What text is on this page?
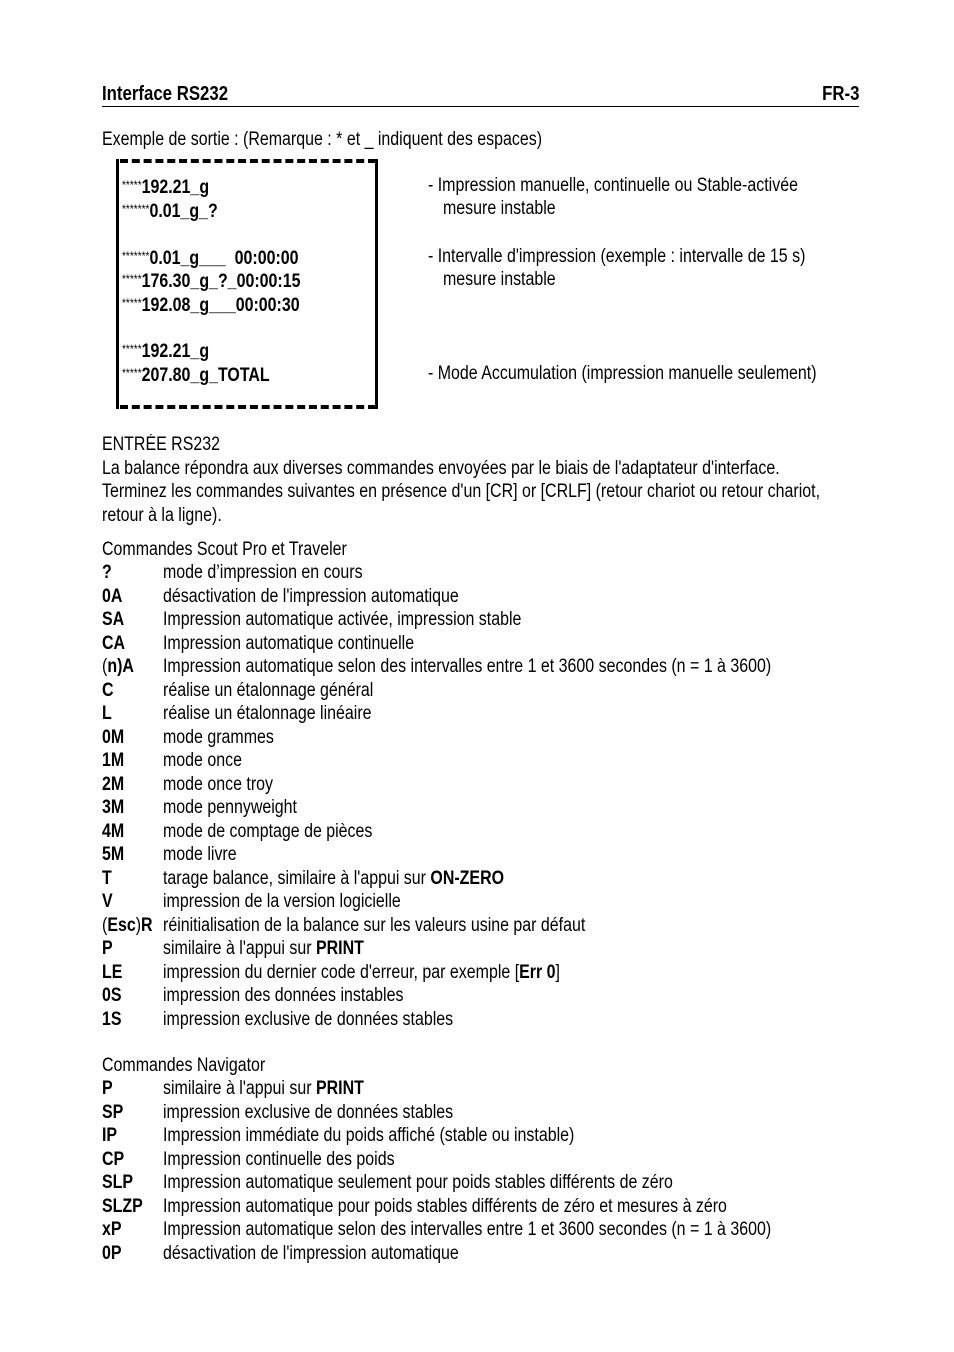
Interface RS232	FR-3
Exemple de sortie : (Remarque : * et _ indiquent des espaces)
*****192.21_g
*******0.01_g_?
*******0.01_g___  00:00:00
*****176.30_g_?_00:00:15
*****192.08_g___00:00:30
*****192.21_g
*****207.80_g_TOTAL
- Impression manuelle, continuelle ou Stable-activée
mesure instable
- Intervalle d'impression (exemple : intervalle de 15 s)
mesure instable
- Mode Accumulation (impression manuelle seulement)
ENTRÉE RS232
La balance répondra aux diverses commandes envoyées par le biais de l'adaptateur d'interface.
Terminez les commandes suivantes en présence d'un [CR] or [CRLF] (retour chariot ou retour chariot,
retour à la ligne).
Commandes Scout Pro et Traveler
?	mode d’impression en cours
0A désactivation de l'impression automatique
SA Impression automatique activée, impression stable
CA Impression automatique continuelle
(n)A	Impression automatique selon des intervalles entre 1 et 3600 secondes (n = 1 à 3600)
C	réalise un étalonnage général
L	réalise un étalonnage linéaire
0M mode grammes
1M mode once
2M mode once troy
3M mode pennyweight
4M mode de comptage de pièces
5M mode livre
T	tarage balance, similaire à l'appui sur ON-ZERO
V	impression de la version logicielle
(Esc)R réinitialisation de la balance sur les valeurs usine par défaut
P	similaire à l'appui sur PRINT
LE impression du dernier code d'erreur, par exemple [Err 0]
0S impression des données instables
1S impression exclusive de données stables
Commandes Navigator
P	similaire à l'appui sur PRINT
SP impression exclusive de données stables
IP Impression immédiate du poids affiché (stable ou instable)
CP Impression continuelle des poids
SLP	Impression automatique seulement pour poids stables différents de zéro
SLZP	Impression automatique pour poids stables différents de zéro et mesures à zéro
xP Impression automatique selon des intervalles entre 1 et 3600 secondes (n = 1 à 3600)
0P désactivation de l'impression automatique
